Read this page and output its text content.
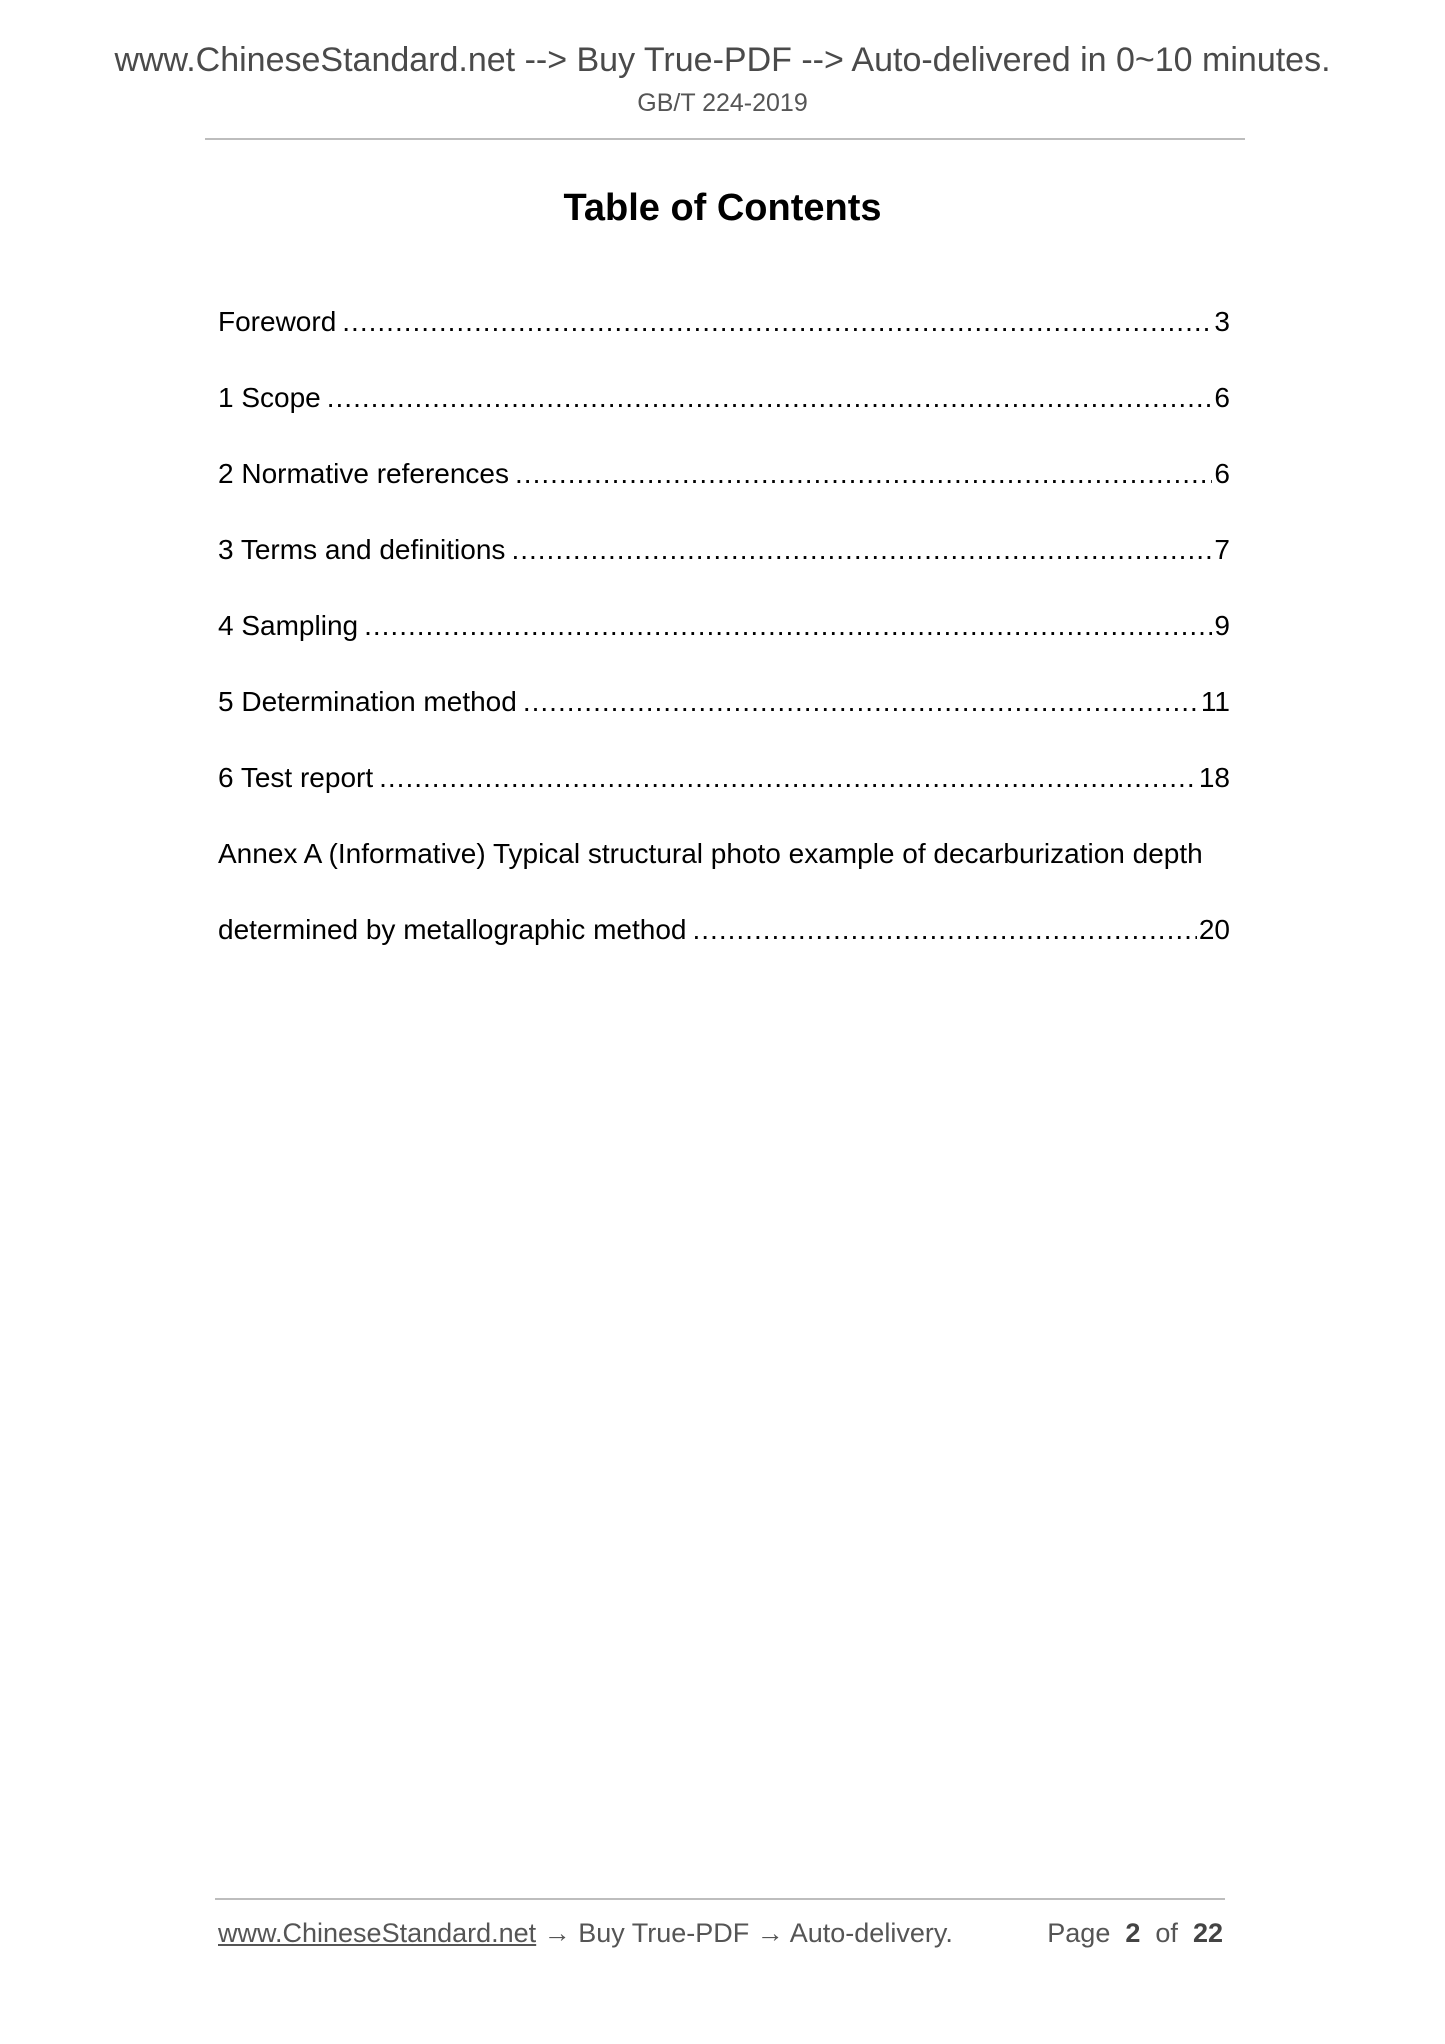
www.ChineseStandard.net --> Buy True-PDF --> Auto-delivered in 0~10 minutes.
GB/T 224-2019
Table of Contents
Foreword .....	3
1 Scope .....	6
2 Normative references .....	6
3 Terms and definitions .....	7
4 Sampling .....	9
5 Determination method .....	11
6 Test report .....	18
Annex A (Informative) Typical structural photo example of decarburization depth
determined by metallographic method .....	20
www.ChineseStandard.net → Buy True-PDF → Auto-delivery.	Page 2 of 22
